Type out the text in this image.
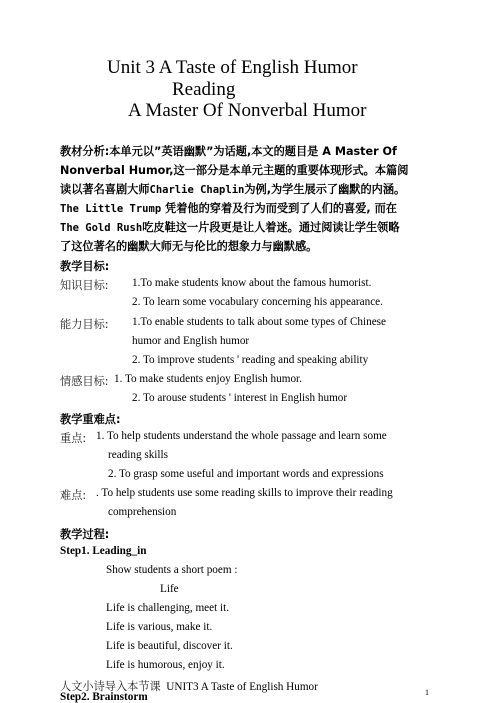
Unit 3 A Taste of English Humor
Reading
A Master Of Nonverbal Humor
教材分析:本单元以”英语幽默”为话题,本文的题目是 A Master Of
Nonverbal Humor,这一部分是本单元主题的重要体现形式。本篇阅
读以著名喜剧大师Charlie Chaplin为例,为学生展示了幽默的内涵。
The Little Trump 凭着他的穿着及行为而受到了人们的喜爱, 而在
The Gold Rush吃皮鞋这一片段更是让人着迷。通过阅读让学生领略
了这位著名的幽默大师无与伦比的想象力与幽默感。
教学目标:
知识目标: 1.To make students know about the famous humorist.
2. To learn some vocabulary concerning his appearance.
能力目标: 1.To enable students to talk about some types of Chinese
humor and English humor
2. To improve students ' reading and speaking ability
情感目标: 1. To make students enjoy English humor.
2. To arouse students ' interest in English humor
教学重难点:
重点: 1. To help students understand the whole passage and learn some
reading skills
2. To grasp some useful and important words and expressions
难点: . To help students use some reading skills to improve their reading
comprehension
教学过程:
Step1. Leading_in
Show students a short poem :
Life
Life is challenging, meet it.
Life is various, make it.
Life is beautiful, discover it.
Life is humorous, enjoy it.
人文小诗导入本节课 UNIT3 A Taste of English Humor
Step2. Brainstorm	1
